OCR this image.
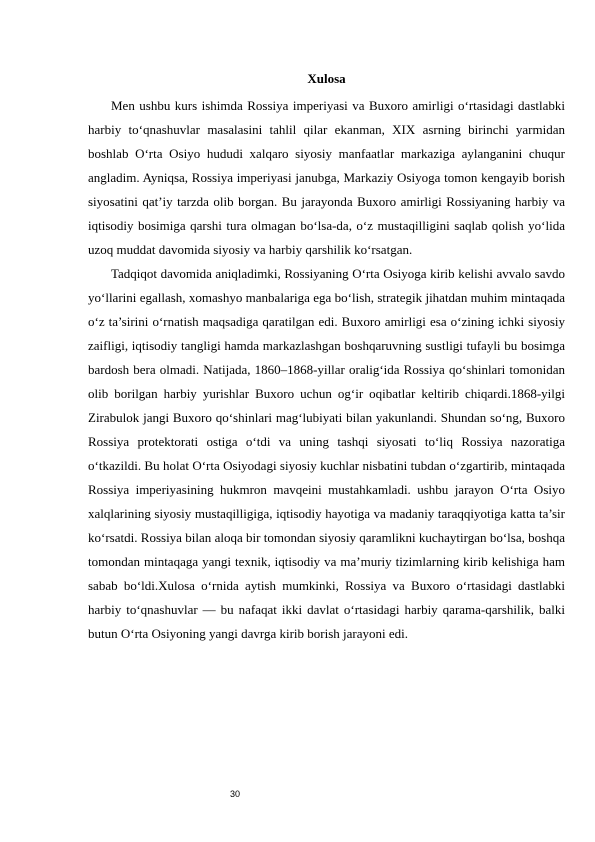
Xulosa

Men ushbu kurs ishimda Rossiya imperiyasi va Buxoro amirligi o‘rtasidagi dastlabki harbiy to‘qnashuvlar masalasini tahlil qilar ekanman, XIX asrning birinchi yarmidan boshlab O‘rta Osiyo hududi xalqaro siyosiy manfaatlar markaziga aylanganini chuqur angladim. Ayniqsa, Rossiya imperiyasi janubga, Markaziy Osiyoga tomon kengayib borish siyosatini qat’iy tarzda olib borgan. Bu jarayonda Buxoro amirligi Rossiyaning harbiy va iqtisodiy bosimiga qarshi tura olmagan bo‘lsa-da, o‘z mustaqilligini saqlab qolish yo‘lida uzoq muddat davomida siyosiy va harbiy qarshilik ko‘rsatgan.

Tadqiqot davomida aniqladimki, Rossiyaning O‘rta Osiyoga kirib kelishi avvalo savdo yo‘llarini egallash, xomashyo manbalariga ega bo‘lish, strategik jihatdan muhim mintaqada o‘z ta’sirini o‘rnatish maqsadiga qaratilgan edi. Buxoro amirligi esa o‘zining ichki siyosiy zaifligi, iqtisodiy tangligi hamda markazlashgan boshqaruvning sustligi tufayli bu bosimga bardosh bera olmadi. Natijada, 1860–1868-yillar oralig‘ida Rossiya qo‘shinlari tomonidan olib borilgan harbiy yurishlar Buxoro uchun og‘ir oqibatlar keltirib chiqardi.1868-yilgi Zirabulok jangi Buxoro qo‘shinlari mag‘lubiyati bilan yakunlandi. Shundan so‘ng, Buxoro Rossiya protektorati ostiga o‘tdi va uning tashqi siyosati to‘liq Rossiya nazoratiga o‘tkazildi. Bu holat O‘rta Osiyodagi siyosiy kuchlar nisbatini tubdan o‘zgartirib, mintaqada Rossiya imperiyasining hukmron mavqeini mustahkamladi. ushbu jarayon O‘rta Osiyo xalqlarining siyosiy mustaqilligiga, iqtisodiy hayotiga va madaniy taraqqiyotiga katta ta’sir ko‘rsatdi. Rossiya bilan aloqa bir tomondan siyosiy qaramlikni kuchaytirgan bo‘lsa, boshqa tomondan mintaqaga yangi texnik, iqtisodiy va ma’muriy tizimlarning kirib kelishiga ham sabab bo‘ldi.Xulosa o‘rnida aytish mumkinki, Rossiya va Buxoro o‘rtasidagi dastlabki harbiy to‘qnashuvlar — bu nafaqat ikki davlat o‘rtasidagi harbiy qarama-qarshilik, balki butun O‘rta Osiyoning yangi davrga kirib borish jarayoni edi.

30
